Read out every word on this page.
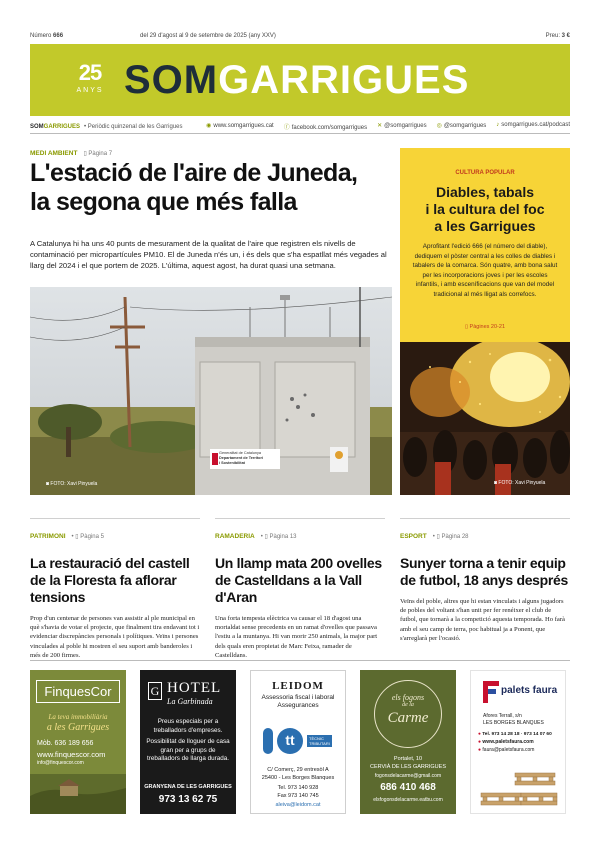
Número 666	del 29 d'agost al 9 de setembre de 2025 (any XXV)	Preu: 3 €
25
ANYS SOMGARRIGUES
SOMGARRIGUES • Periòdic quinzenal de les Garrigues	◉ www.somgarrigues.cat ⓕ facebook.com/somgarrigues ✕ @somgarrigues ◎ @somgarrigues ♪ somgarrigues.cat/podcast
MEDI AMBIENT ▯ Pàgina 7
L'estació de l'aire de Juneda,
la segona que més falla

A Catalunya hi ha uns 40 punts de mesurament de la qualitat de l'aire que registren els nivells de contaminació per micropartícules PM10. El de Juneda n'és un, i és dels que s'ha espatllat més vegades al llarg del 2024 i el que portem de 2025. L'última, aquest agost, ha durat quasi una setmana.

Generalitat de Catalunya
Departament de Territori
i Sostenibilitat
◙ FOTO: Xavi Pinyuela
CULTURA POPULAR
Diables, tabals
i la cultura del foc
a les Garrigues
Aprofitant l'edició 666 (el número del diable), dediquem el pòster central a les colles de diables i tabalers de la comarca. Són quatre, amb bona salut per les incorporacions joves i per les escoles infantils, i amb esceníficacions que van del model tradicional al més lligat als correfocs.
▯ Pàgines 20-21
◙ FOTO: Xavi Pinyuela
PATRIMONI • ▯ Pàgina 5
La restauració del castell de la Floresta fa aflorar tensions
Prop d'un centenar de persones van assistir al ple municipal en què s'havia de votar el projecte, que finalment tira endavant tot i evidenciar discrepàncies personals i polítiques. Veïns i persones vinculades al poble hi mostren el seu suport amb banderoles i més de 200 firmes.
RAMADERIA • ▯ Pàgina 13
Un llamp mata 200 ovelles de Castelldans a la Vall d'Aran
Una forta tempesta elèctrica va causar el 18 d'agost una mortaldat sense precedents en un ramat d'ovelles que passava l'estiu a la muntanya. Hi van morir 250 animals, la major part dels quals eren propietat de Marc Feixa, ramader de Castelldans.
ESPORT • ▯ Pàgina 28
Sunyer torna a tenir equip de futbol, 18 anys després
Veïns del poble, altres que hi estan vinculats i alguns jugadors de pobles del voltant s'han unit per fer renéixer el club de futbol, que tornarà a la competició aquesta temporada. Ho farà amb el seu camp de terra, poc habitual ja a Ponent, que s'arreglarà per l'ocasió.
FinquesCor
La teva immobiliària
a les Garrigues
Mòb. 636 189 656
www.finquescor.com
info@finquescor.com
G HOTEL
La Garbinada
Preus especials per a treballadors d'empreses.
Possibilitat de lloguer de casa gran per a grups de treballadors de llarga durada.
GRANYENA DE LES GARRIGUES
973 13 62 75
LEIDOM
Assessoria fiscal i laboral
Assegurances
tt	TÈCNIC
TRIBUTARI
C/ Comerç, 29 entresòl A
25400 - Les Borges Blanques
Tel. 973 140 928
Fax 973 140 745
aleiva@leidom.cat
els fogons
de la
Carme
Portalet, 10
CERVIÀ DE LES GARRIGUES
fogonsdelacarme@gmail.com
686 410 468
elsfogonsdelacarme.eatbu.com
palets faura
Afores Terrall, s/n
LES BORGES BLANQUES
● Tel. 973 14 28 18 · 973 14 07 60
● www.paletsfaura.com
● faura@paletsfaura.com
